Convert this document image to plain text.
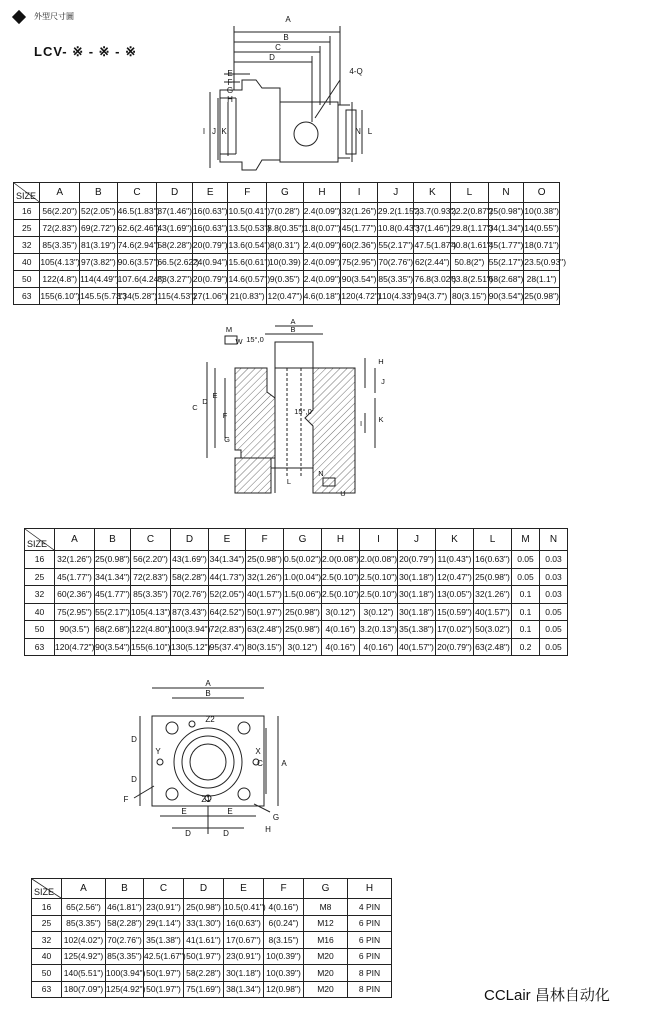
外型尺寸圖
LCV- ※ - ※ - ※
A
B
C
D
E
F
G
H
I J K	L
N
4-Q
SIZE	A	B	C	D	E	F	G	H	I	J	K	L	N	O
16	56(2.20")	52(2.05")	46.5(1.83")	37(1.46")	16(0.63")	10.5(0.41")	7(0.28")	2.4(0.09")	32(1.26")	29.2(1.15")	23.7(0.93")	22.2(0.87")	25(0.98")	10(0.38")
25	72(2.83")	69(2.72")	62.6(2.46")	43(1.69")	16(0.63")	13.5(0.53")	8.8(0.35")	1.8(0.07")	45(1.77")	10.8(0.43")	37(1.46")	29.8(1.17")	34(1.34")	14(0.55")
32	85(3.35")	81(3.19")	74.6(2.94")	58(2.28")	20(0.79")	13.6(0.54")	8(0.31")	2.4(0.09")	60(2.36")	55(2.17")	47.5(1.87")	40.8(1.61")	45(1.77")	18(0.71")
40	105(4.13")	97(3.82")	90.6(3.57")	66.5(2.62")	24(0.94")	15.6(0.61")	10(0.39)	2.4(0.09")	75(2.95")	70(2.76")	62(2.44")	50.8(2")	55(2.17")	23.5(0.93")
50	122(4.8")	114(4.49")	107.6(4.24")	83(3.27")	20(0.79")	14.6(0.57")	9(0.35")	2.4(0.09")	90(3.54")	85(3.35")	76.8(3.02")	63.8(2.51")	68(2.68")	28(1.1")
63	155(6.10")	145.5(5.73")	134(5.28")	115(4.53")	27(1.06")	21(0.83")	12(0.47")	4.6(0.18")	120(4.72")	110(4.33")	94(3.7")	80(3.15")	90(3.54")	25(0.98")
M
W
A
B
15°,0
15°,0
C
D
E
F
G
H
J
I K
L
N
U
SIZE	A	B	C	D	E	F	G	H	I	J	K	L	M	N
16	32(1.26")	25(0.98")	56(2.20")	43(1.69")	34(1.34")	25(0.98")	0.5(0.02")	2.0(0.08")	2.0(0.08")	20(0.79")	11(0.43")	16(0.63")	0.05	0.03
25	45(1.77")	34(1.34")	72(2.83")	58(2.28")	44(1.73")	32(1.26")	1.0(0.04")	2.5(0.10")	2.5(0.10")	30(1.18")	12(0.47")	25(0.98")	0.05	0.03
32	60(2.36")	45(1.77")	85(3.35")	70(2.76")	52(2.05")	40(1.57")	1.5(0.06")	2.5(0.10")	2.5(0.10")	30(1.18")	13(0.05")	32(1.26")	0.1	0.03
40	75(2.95")	55(2.17")	105(4.13")	87(3.43")	64(2.52")	50(1.97")	25(0.98")	3(0.12")	3(0.12")	30(1.18")	15(0.59")	40(1.57")	0.1	0.05
50	90(3.5")	68(2.68")	122(4.80")	100(3.94")	72(2.83")	63(2.48")	25(0.98")	4(0.16")	3.2(0.13")	35(1.38")	17(0.02")	50(3.02")	0.1	0.05
63	120(4.72")	90(3.54")	155(6.10")	130(5.12")	95(37.4")	80(3.15")	3(0.12")	4(0.16")	4(0.16")	40(1.57")	20(0.79")	63(2.48")	0.2	0.05
A
B
Z2
Z1
Y	X
D
D
C A
E	E
D	D
F
G
H
SIZE	A	B	C	D	E	F	G	H
16	65(2.56")	46(1.81")	23(0.91")	25(0.98")	10.5(0.41")	4(0.16")	M8	4 PIN
25	85(3.35")	58(2.28")	29(1.14")	33(1.30")	16(0.63")	6(0.24")	M12	6 PIN
32	102(4.02")	70(2.76")	35(1.38")	41(1.61")	17(0.67")	8(3.15")	M16	6 PIN
40	125(4.92")	85(3.35")	42.5(1.67")	50(1.97")	23(0.91")	10(0.39")	M20	6 PIN
50	140(5.51")	100(3.94")	50(1.97")	58(2.28")	30(1.18")	10(0.39")	M20	8 PIN
63	180(7.09")	125(4.92")	50(1.97")	75(1.69")	38(1.34")	12(0.98")	M20	8 PIN	CCLair 昌林自动化
